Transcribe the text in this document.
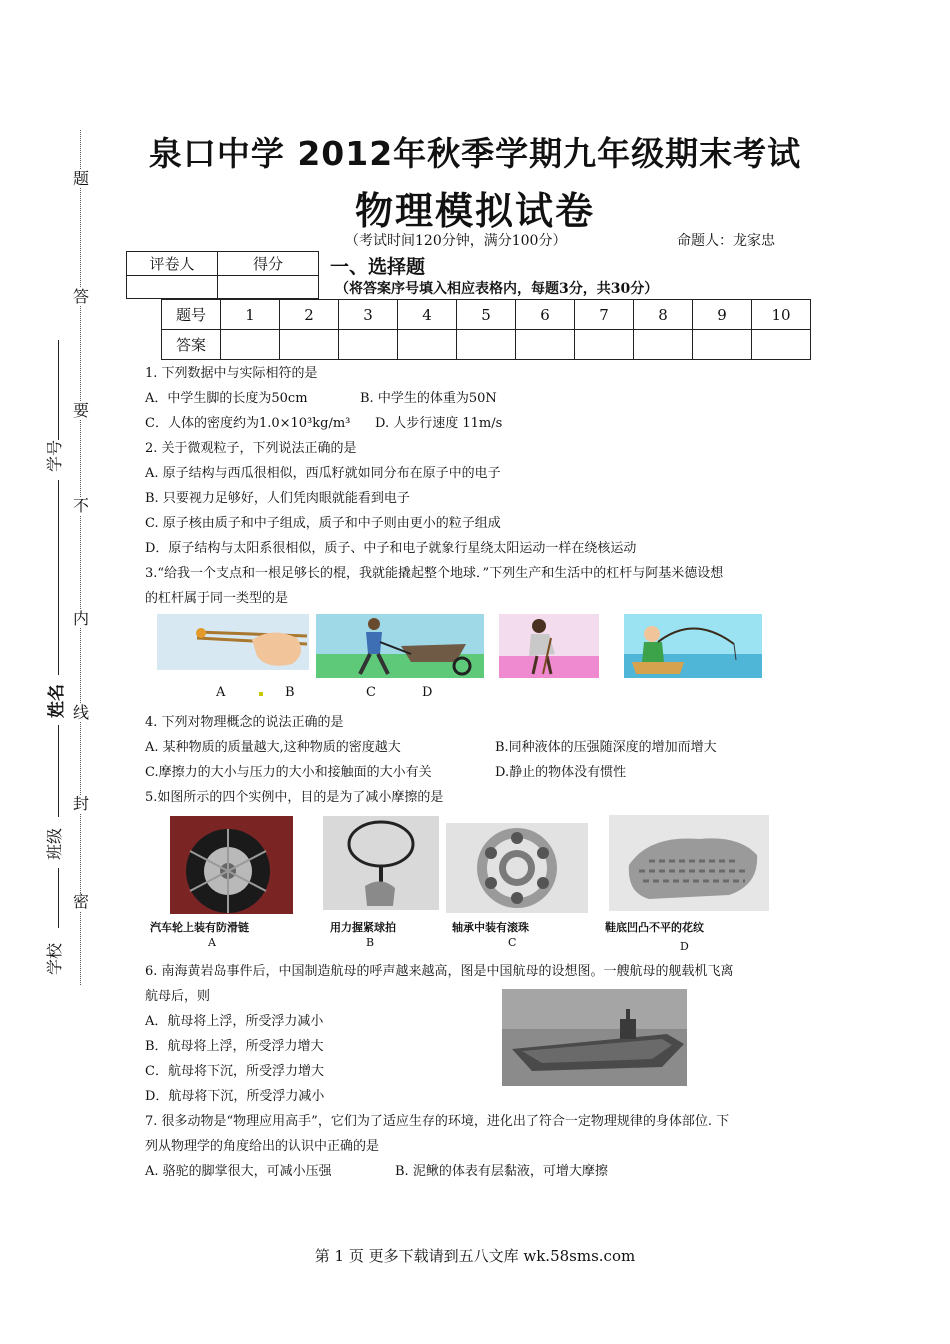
题
答
要
不
内
线
封
密
学号
姓名
班级
学校
泉口中学 2012年秋季学期九年级期末考试
物理模拟试卷
（考试时间120分钟，满分100分）	命题人：龙家忠
评卷人	得分
	一、选择题
（将答案序号填入相应表格内，每题3分，共30分）
题号	1	2	3	4	5	6	7	8	9	10
答案										
1. 下列数据中与实际相符的是
A．中学生脚的长度为50cm	B. 中学生的体重为50N
C．人体的密度约为1.0×10³kg/m³ D. 人步行速度 11m/s
2. 关于微观粒子，下列说法正确的是
A. 原子结构与西瓜很相似，西瓜籽就如同分布在原子中的电子
B. 只要视力足够好，人们凭肉眼就能看到电子
C. 原子核由质子和中子组成，质子和中子则由更小的粒子组成
D．原子结构与太阳系很相似，质子、中子和电子就象行星绕太阳运动一样在绕核运动
3.“给我一个支点和一根足够长的棍，我就能撬起整个地球．”下列生产和生活中的杠杆与阿基米德设想
的杠杆属于同一类型的是
A	B	C	D
4. 下列对物理概念的说法正确的是
A. 某种物质的质量越大,这种物质的密度越大	B.同种液体的压强随深度的增加而增大
C.摩擦力的大小与压力的大小和接触面的大小有关	D.静止的物体没有惯性
5.如图所示的四个实例中，目的是为了减小摩擦的是
汽车轮上装有防滑链	用力握紧球拍	轴承中装有滚珠	鞋底凹凸不平的花纹
A	B	C	D
6. 南海黄岩岛事件后，中国制造航母的呼声越来越高，图是中国航母的设想图。一艘航母的舰载机飞离
航母后，则
A．航母将上浮，所受浮力减小
B．航母将上浮，所受浮力增大
C．航母将下沉，所受浮力增大
D．航母将下沉，所受浮力减小
7. 很多动物是“物理应用高手”，它们为了适应生存的环境，进化出了符合一定物理规律的身体部位. 下
列从物理学的角度给出的认识中正确的是
A. 骆驼的脚掌很大，可减小压强	B. 泥鳅的体表有层黏液，可增大摩擦
第 1 页 更多下载请到五八文库 wk.58sms.com
